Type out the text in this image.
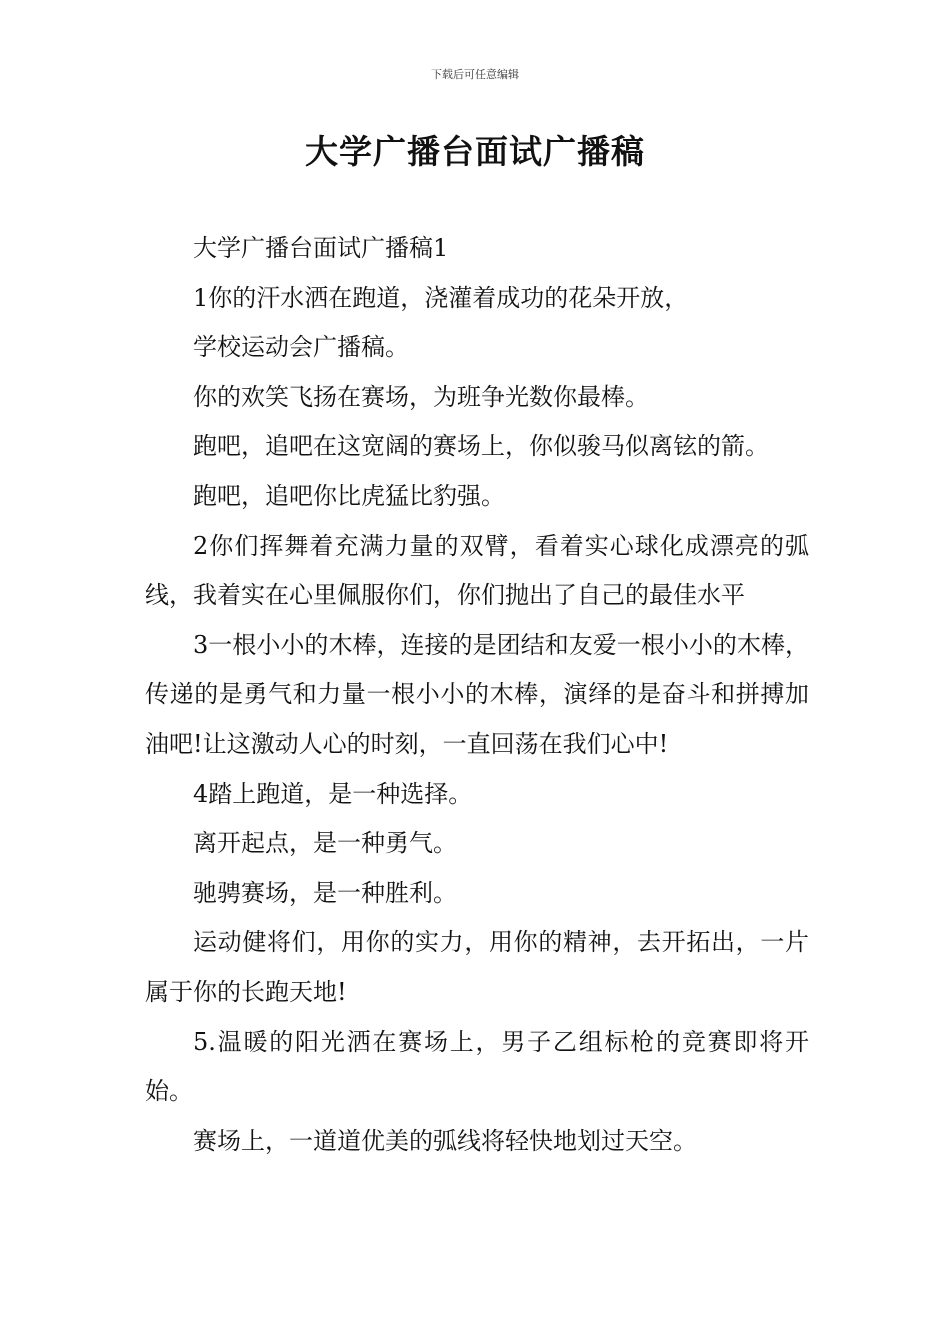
下载后可任意编辑
大学广播台面试广播稿

大学广播台面试广播稿1

1你的汗水洒在跑道，浇灌着成功的花朵开放，

学校运动会广播稿。

你的欢笑飞扬在赛场，为班争光数你最棒。

跑吧，追吧在这宽阔的赛场上，你似骏马似离铉的箭。

跑吧，追吧你比虎猛比豹强。

2你们挥舞着充满力量的双臂，看着实心球化成漂亮的弧线，我着实在心里佩服你们，你们抛出了自己的最佳水平

3一根小小的木棒，连接的是团结和友爱一根小小的木棒，传递的是勇气和力量一根小小的木棒，演绎的是奋斗和拼搏加油吧!让这激动人心的时刻，一直回荡在我们心中!

4踏上跑道，是一种选择。

离开起点，是一种勇气。

驰骋赛场，是一种胜利。

运动健将们，用你的实力，用你的精神，去开拓出，一片属于你的长跑天地!

5.温暖的阳光洒在赛场上，男子乙组标枪的竞赛即将开始。

赛场上，一道道优美的弧线将轻快地划过天空。
